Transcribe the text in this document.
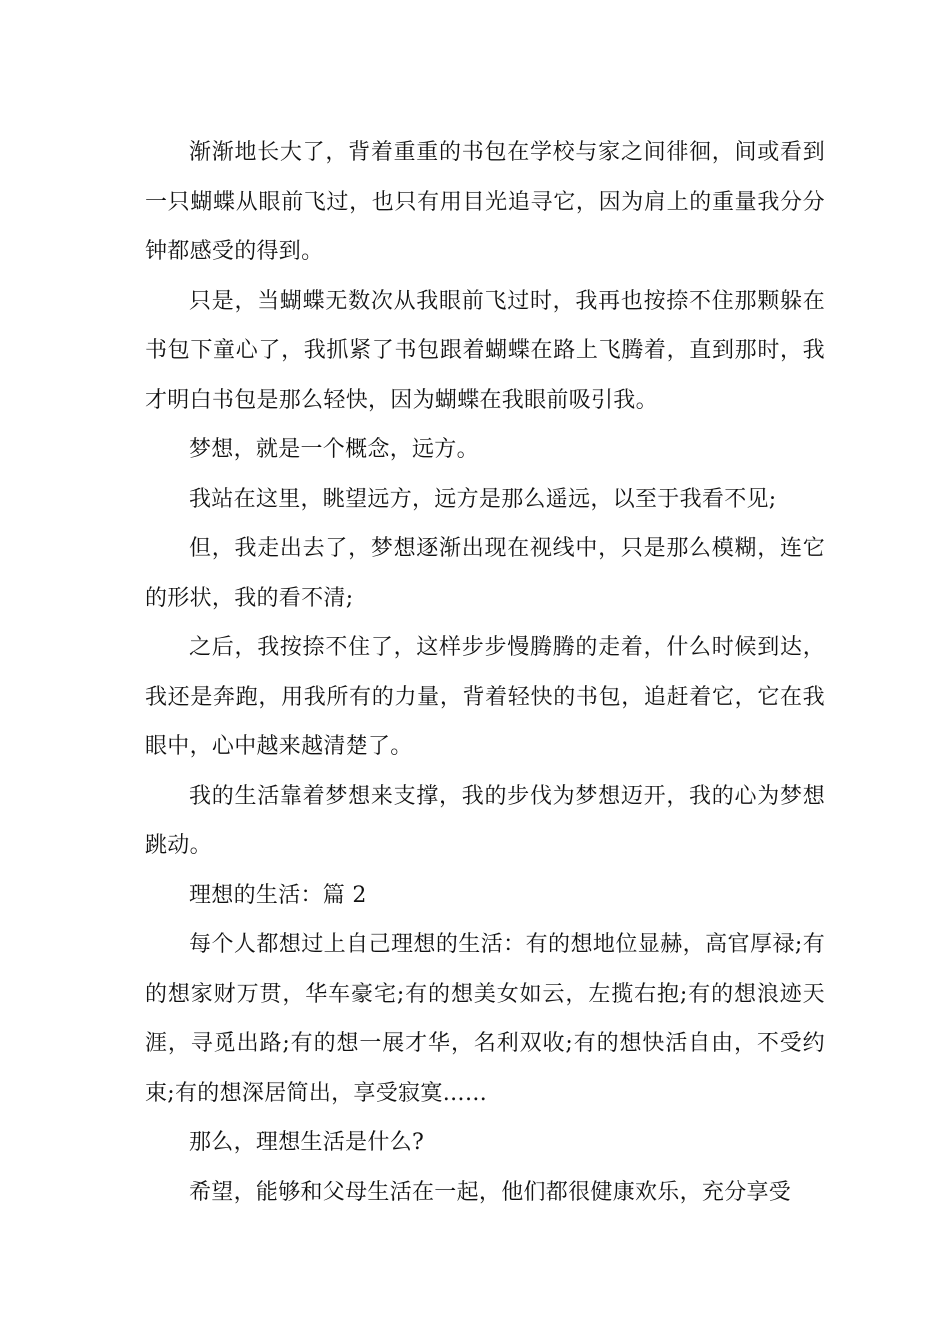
渐渐地长大了，背着重重的书包在学校与家之间徘徊，间或看到一只蝴蝶从眼前飞过，也只有用目光追寻它，因为肩上的重量我分分钟都感受的得到。

只是，当蝴蝶无数次从我眼前飞过时，我再也按捺不住那颗躲在书包下童心了，我抓紧了书包跟着蝴蝶在路上飞腾着，直到那时，我才明白书包是那么轻快，因为蝴蝶在我眼前吸引我。

梦想，就是一个概念，远方。

我站在这里，眺望远方，远方是那么遥远，以至于我看不见;

但，我走出去了，梦想逐渐出现在视线中，只是那么模糊，连它的形状，我的看不清;

之后，我按捺不住了，这样步步慢腾腾的走着，什么时候到达，我还是奔跑，用我所有的力量，背着轻快的书包，追赶着它，它在我眼中，心中越来越清楚了。

我的生活靠着梦想来支撑，我的步伐为梦想迈开，我的心为梦想跳动。

理想的生活：篇 2

每个人都想过上自己理想的生活：有的想地位显赫，高官厚禄;有的想家财万贯，华车豪宅;有的想美女如云，左揽右抱;有的想浪迹天涯，寻觅出路;有的想一展才华，名利双收;有的想快活自由，不受约束;有的想深居简出，享受寂寞……

那么，理想生活是什么?

希望，能够和父母生活在一起，他们都很健康欢乐，充分享受
